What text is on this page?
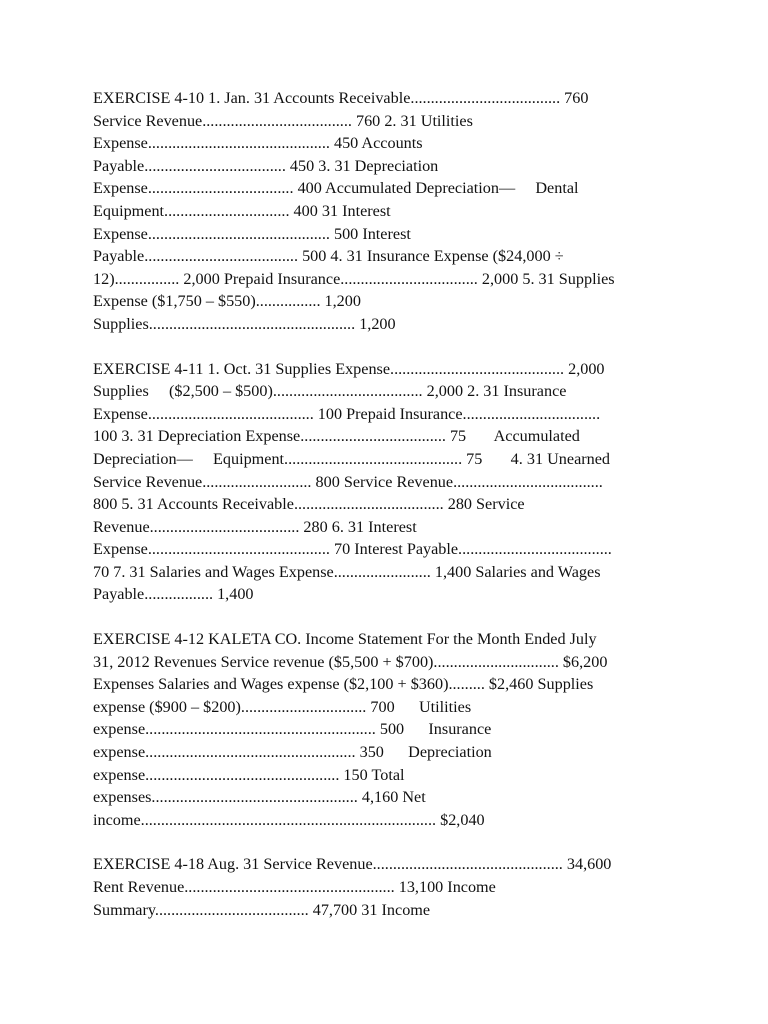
EXERCISE 4-10 1. Jan. 31 Accounts Receivable..................................... 760
Service Revenue..................................... 760 2. 31 Utilities
Expense............................................. 450 Accounts
Payable................................... 450 3. 31 Depreciation
Expense.................................... 400 Accumulated Depreciation—     Dental
Equipment............................... 400 31 Interest
Expense............................................. 500 Interest
Payable...................................... 500 4. 31 Insurance Expense ($24,000 ÷
12)................ 2,000 Prepaid Insurance.................................. 2,000 5. 31 Supplies
Expense ($1,750 – $550)................ 1,200
Supplies................................................... 1,200
EXERCISE 4-11 1. Oct. 31 Supplies Expense........................................... 2,000
Supplies     ($2,500 – $500)..................................... 2,000 2. 31 Insurance
Expense......................................... 100 Prepaid Insurance..................................
100 3. 31 Depreciation Expense.................................... 75       Accumulated
Depreciation—     Equipment............................................ 75       4. 31 Unearned
Service Revenue........................... 800 Service Revenue.....................................
800 5. 31 Accounts Receivable..................................... 280 Service
Revenue..................................... 280 6. 31 Interest
Expense............................................. 70 Interest Payable......................................
70 7. 31 Salaries and Wages Expense........................ 1,400 Salaries and Wages
Payable................. 1,400
EXERCISE 4-12 KALETA CO. Income Statement For the Month Ended July
31, 2012 Revenues Service revenue ($5,500 + $700)............................... $6,200
Expenses Salaries and Wages expense ($2,100 + $360)......... $2,460 Supplies
expense ($900 – $200)............................... 700      Utilities
expense......................................................... 500      Insurance
expense.................................................... 350      Depreciation
expense................................................ 150 Total
expenses................................................... 4,160 Net
income......................................................................... $2,040
EXERCISE 4-18 Aug. 31 Service Revenue............................................... 34,600
Rent Revenue.................................................... 13,100 Income
Summary...................................... 47,700 31 Income
